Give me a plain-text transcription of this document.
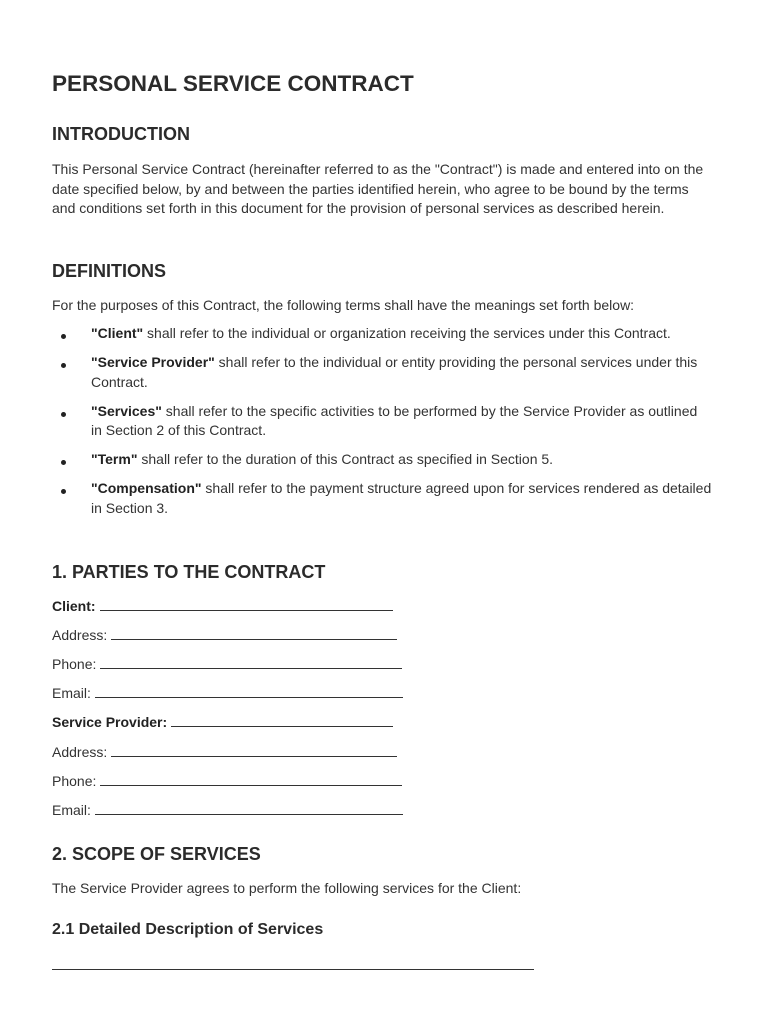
PERSONAL SERVICE CONTRACT
INTRODUCTION

This Personal Service Contract (hereinafter referred to as the "Contract") is made and entered into on the date specified below, by and between the parties identified herein, who agree to be bound by the terms and conditions set forth in this document for the provision of personal services as described herein.

DEFINITIONS

For the purposes of this Contract, the following terms shall have the meanings set forth below:

"Client" shall refer to the individual or organization receiving the services under this Contract.
"Service Provider" shall refer to the individual or entity providing the personal services under this Contract.
"Services" shall refer to the specific activities to be performed by the Service Provider as outlined in Section 2 of this Contract.
"Term" shall refer to the duration of this Contract as specified in Section 5.
"Compensation" shall refer to the payment structure agreed upon for services rendered as detailed in Section 3.
1. PARTIES TO THE CONTRACT
Client:
Address:
Phone:
Email:
Service Provider:
Address:
Phone:
Email:
2. SCOPE OF SERVICES

The Service Provider agrees to perform the following services for the Client:

2.1 Detailed Description of Services
